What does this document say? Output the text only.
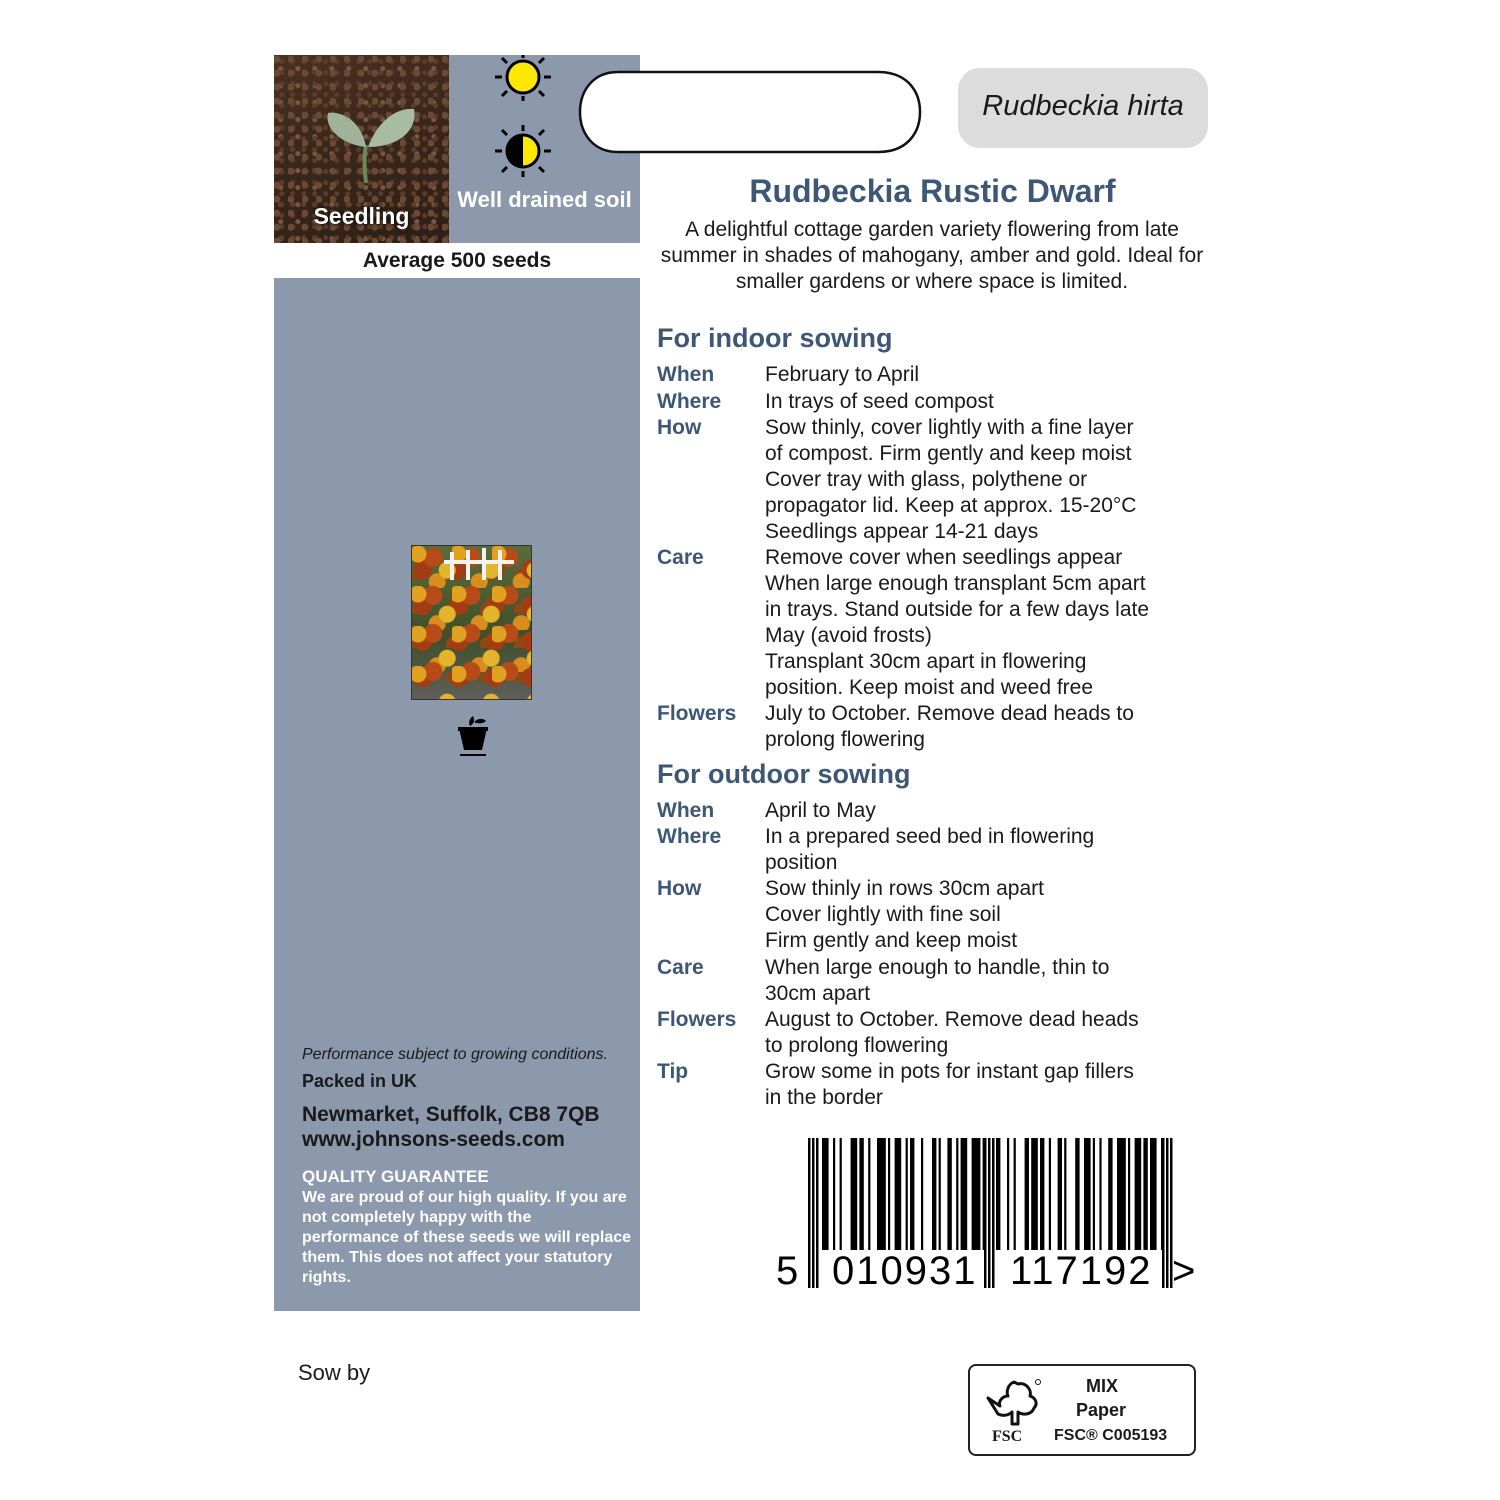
Seedling
Well drained soil
Average 500 seeds
Performance subject to growing conditions.
Packed in UK
Newmarket, Suffolk, CB8 7QB
www.johnsons-seeds.com
QUALITY GUARANTEE
We are proud of our high quality. If you are not completely happy with the performance of these seeds we will replace them. This does not affect your statutory rights.
Sow by
Rudbeckia hirta
Rudbeckia Rustic Dwarf
A delightful cottage garden variety flowering from late summer in shades of mahogany, amber and gold. Ideal for smaller gardens or where space is limited.
For indoor sowing
When February to April
Where In trays of seed compost
How	Sow thinly, cover lightly with a fine layer
of compost. Firm gently and keep moist
Cover tray with glass, polythene or
propagator lid. Keep at approx. 15-20°C
Seedlings appear 14-21 days
Care	Remove cover when seedlings appear
When large enough transplant 5cm apart
in trays. Stand outside for a few days late
May (avoid frosts)
Transplant 30cm apart in flowering
position. Keep moist and weed free
Flowers July to October. Remove dead heads to
prolong flowering
For outdoor sowing
When April to May
Where In a prepared seed bed in flowering
position
How	Sow thinly in rows 30cm apart
Cover lightly with fine soil
Firm gently and keep moist
Care	When large enough to handle, thin to
30cm apart
Flowers August to October. Remove dead heads
to prolong flowering
Tip	Grow some in pots for instant gap fillers
in the border
5 010931 117192 >
FSC
MIX
Paper
FSC® C005193
